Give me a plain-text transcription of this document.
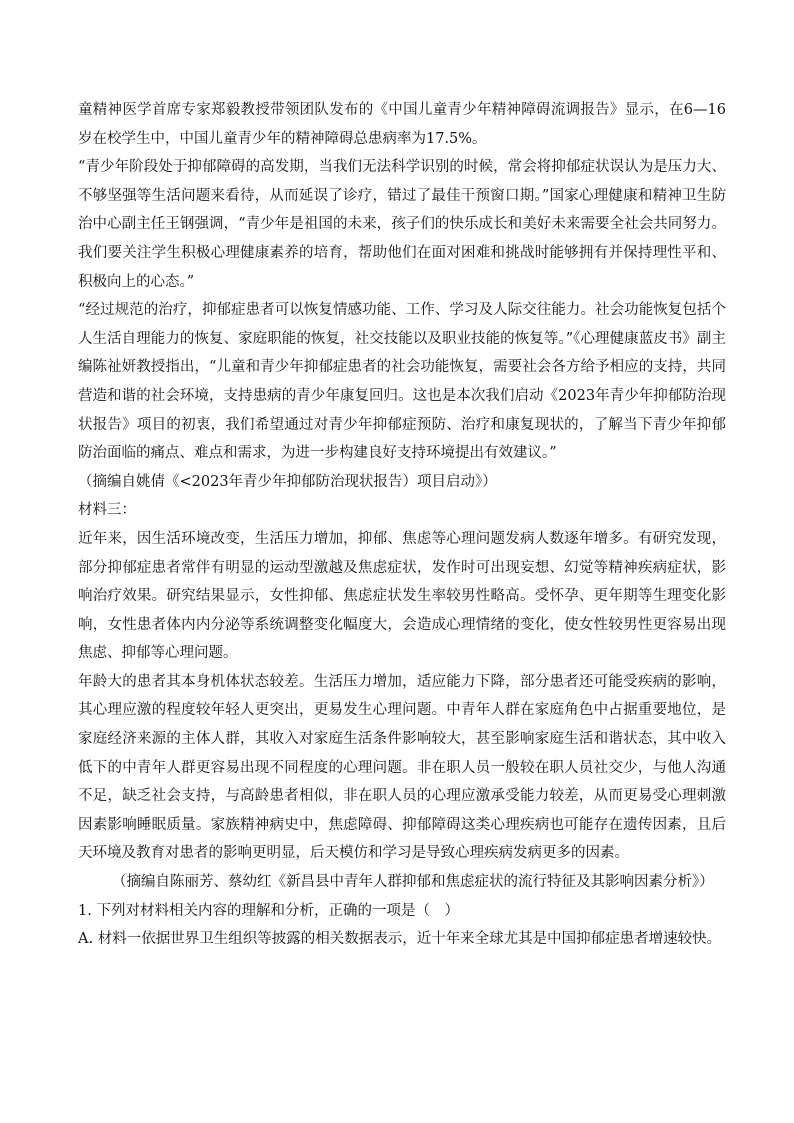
童精神医学首席专家郑毅教授带领团队发布的《中国儿童青少年精神障碍流调报告》显示，在6—16岁在校学生中，中国儿童青少年的精神障碍总患病率为17.5%。

“青少年阶段处于抑郁障碍的高发期，当我们无法科学识别的时候，常会将抑郁症状误认为是压力大、不够坚强等生活问题来看待，从而延误了诊疗，错过了最佳干预窗口期。”国家心理健康和精神卫生防治中心副主任王钢强调，“青少年是祖国的未来，孩子们的快乐成长和美好未来需要全社会共同努力。我们要关注学生积极心理健康素养的培育，帮助他们在面对困难和挑战时能够拥有并保持理性平和、积极向上的心态。”

“经过规范的治疗，抑郁症患者可以恢复情感功能、工作、学习及人际交往能力。社会功能恢复包括个人生活自理能力的恢复、家庭职能的恢复，社交技能以及职业技能的恢复等。”《心理健康蓝皮书》副主编陈祉妍教授指出，“儿童和青少年抑郁症患者的社会功能恢复，需要社会各方给予相应的支持，共同营造和谐的社会环境，支持患病的青少年康复回归。这也是本次我们启动《2023年青少年抑郁防治现状报告》项目的初衷，我们希望通过对青少年抑郁症预防、治疗和康复现状的，了解当下青少年抑郁防治面临的痛点、难点和需求，为进一步构建良好支持环境提出有效建议。”

（摘编自姚倩《<2023年青少年抑郁防治现状报告）项目启动》）

材料三：

近年来，因生活环境改变，生活压力增加，抑郁、焦虑等心理问题发病人数逐年增多。有研究发现，部分抑郁症患者常伴有明显的运动型激越及焦虑症状，发作时可出现妄想、幻觉等精神疾病症状，影响治疗效果。研究结果显示，女性抑郁、焦虑症状发生率较男性略高。受怀孕、更年期等生理变化影响，女性患者体内内分泌等系统调整变化幅度大，会造成心理情绪的变化，使女性较男性更容易出现焦虑、抑郁等心理问题。

年龄大的患者其本身机体状态较差。生活压力增加，适应能力下降，部分患者还可能受疾病的影响，其心理应激的程度较年轻人更突出，更易发生心理问题。中青年人群在家庭角色中占据重要地位，是家庭经济来源的主体人群，其收入对家庭生活条件影响较大，甚至影响家庭生活和谐状态，其中收入低下的中青年人群更容易出现不同程度的心理问题。非在职人员一般较在职人员社交少，与他人沟通不足，缺乏社会支持，与高龄患者相似，非在职人员的心理应激承受能力较差，从而更易受心理刺激因素影响睡眠质量。家族精神病史中，焦虑障碍、抑郁障碍这类心理疾病也可能存在遗传因素，且后天环境及教育对患者的影响更明显，后天模仿和学习是导致心理疾病发病更多的因素。

（摘编自陈丽芳、蔡幼红《新昌县中青年人群抑郁和焦虑症状的流行特征及其影响因素分析》）

1. 下列对材料相关内容的理解和分析，正确的一项是（　）

A. 材料一依据世界卫生组织等披露的相关数据表示，近十年来全球尤其是中国抑郁症患者增速较快。
